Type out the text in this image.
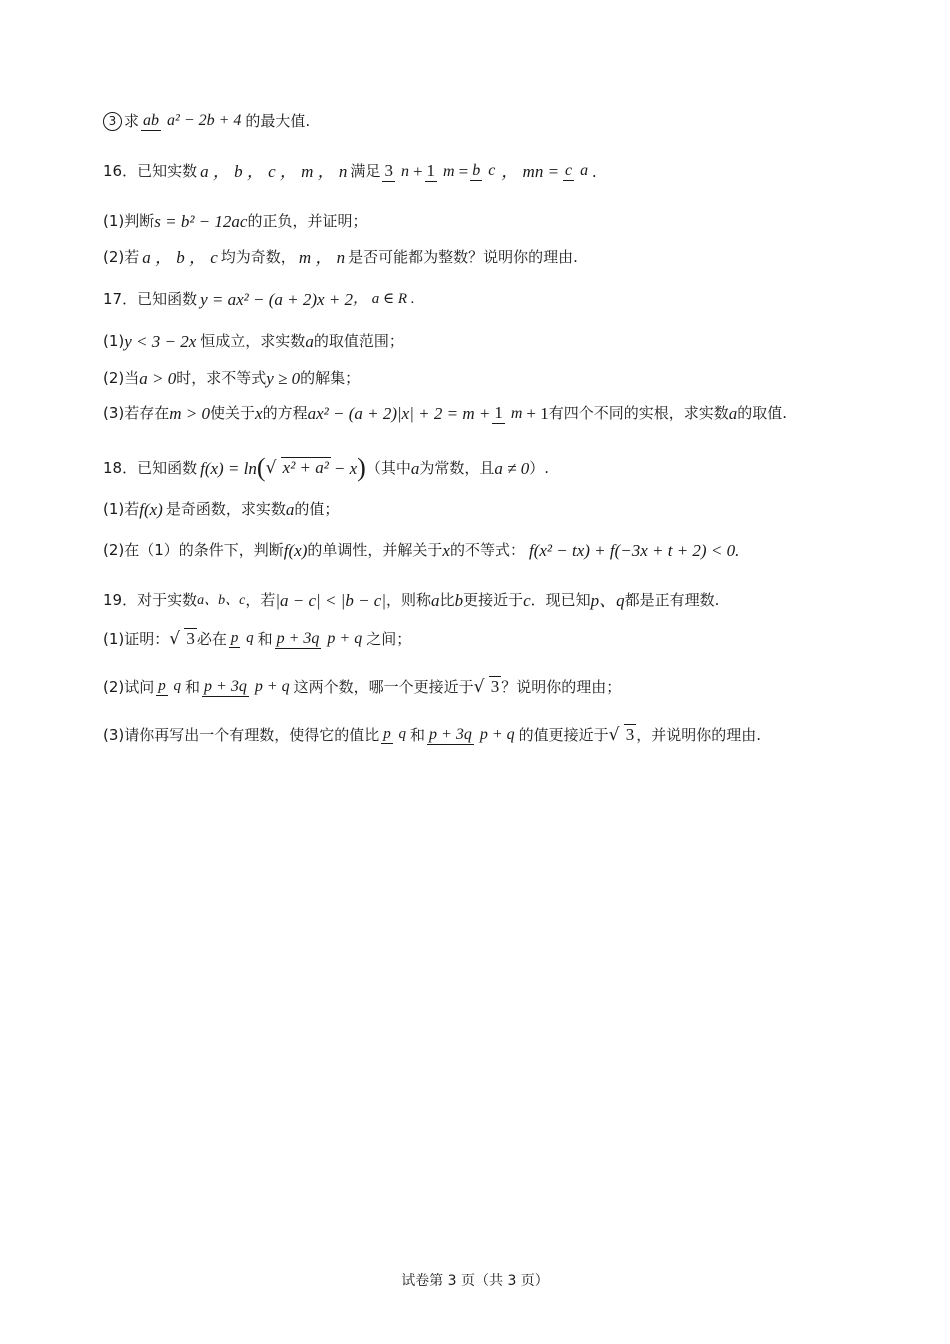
3 求 ab a² − 2b + 4 的最大值.
16．已知实数 a ， b ， c ， m ， n 满足 3 n + 1 m = b c ， mn = c a .
(1)判断 s = b² − 12ac 的正负，并证明；
(2)若 a ， b ， c 均为奇数， m ， n 是否可能都为整数？说明你的理由.
17．已知函数 y = ax² − (a + 2)x + 2 ， a ∈ R .
(1) y < 3 − 2x 恒成立，求实数 a 的取值范围；
(2)当 a > 0 时，求不等式 y ≥ 0 的解集；
(3)若存在 m > 0 使关于 x 的方程 ax² − (a + 2)|x| + 2 = m + 1 m + 1 有四个不同的实根，求实数 a 的取值.
18．已知函数 f(x) = ln ( √ x² + a² − x ) （其中 a 为常数，且 a ≠ 0 ）.
(1)若 f(x) 是奇函数，求实数 a 的值；
(2)在（1）的条件下，判断 f(x) 的单调性，并解关于 x 的不等式： f(x² − tx) + f(−3x + t + 2) < 0.
19．对于实数 a、b、c ，若 |a − c| < |b − c| ，则称 a 比 b 更接近于 c ．现已知 p、q 都是正有理数.
(1)证明： √ 3 必在 p q 和 p + 3q p + q 之间；
(2)试问 p q 和 p + 3q p + q 这两个数，哪一个更接近于 √ 3 ？说明你的理由；
(3)请你再写出一个有理数，使得它的值比 p q 和 p + 3q p + q 的值更接近于 √ 3 ，并说明你的理由.
试卷第 3 页（共 3 页）
